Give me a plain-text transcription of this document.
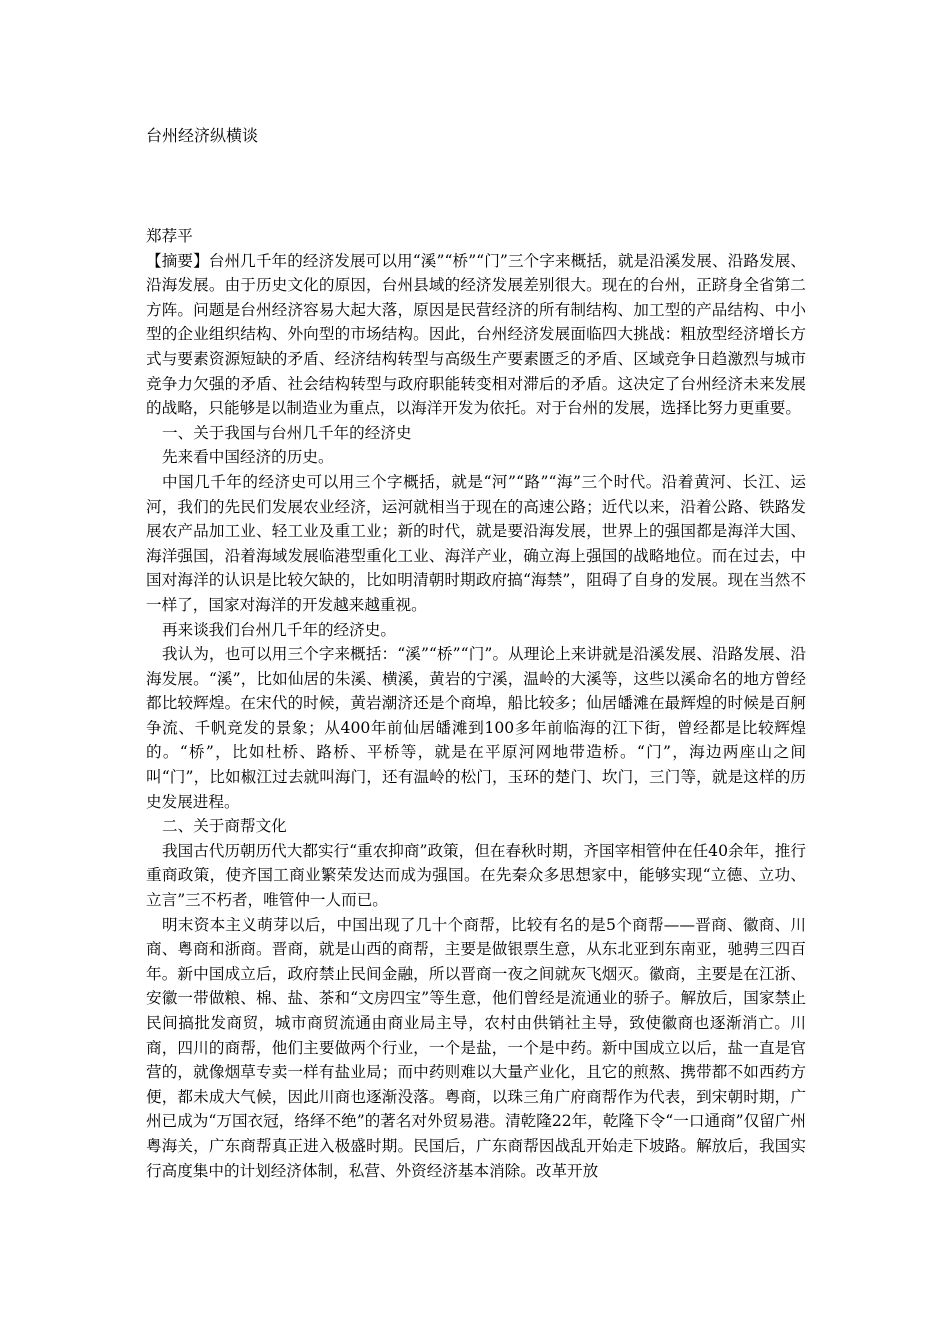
台州经济纵横谈

郑荐平

【摘要】台州几千年的经济发展可以用“溪”“桥”“门”三个字来概括，就是沿溪发展、沿路发展、沿海发展。由于历史文化的原因，台州县域的经济发展差别很大。现在的台州，正跻身全省第二方阵。问题是台州经济容易大起大落，原因是民营经济的所有制结构、加工型的产品结构、中小型的企业组织结构、外向型的市场结构。因此，台州经济发展面临四大挑战：粗放型经济增长方式与要素资源短缺的矛盾、经济结构转型与高级生产要素匮乏的矛盾、区域竞争日趋激烈与城市竞争力欠强的矛盾、社会结构转型与政府职能转变相对滞后的矛盾。这决定了台州经济未来发展的战略，只能够是以制造业为重点，以海洋开发为依托。对于台州的发展，选择比努力更重要。

一、关于我国与台州几千年的经济史

先来看中国经济的历史。

中国几千年的经济史可以用三个字概括，就是“河”“路”“海”三个时代。沿着黄河、长江、运河，我们的先民们发展农业经济，运河就相当于现在的高速公路；近代以来，沿着公路、铁路发展农产品加工业、轻工业及重工业；新的时代，就是要沿海发展，世界上的强国都是海洋大国、海洋强国，沿着海域发展临港型重化工业、海洋产业，确立海上强国的战略地位。而在过去，中国对海洋的认识是比较欠缺的，比如明清朝时期政府搞“海禁”，阻碍了自身的发展。现在当然不一样了，国家对海洋的开发越来越重视。

再来谈我们台州几千年的经济史。

我认为，也可以用三个字来概括：“溪”“桥”“门”。从理论上来讲就是沿溪发展、沿路发展、沿海发展。“溪”，比如仙居的朱溪、横溪，黄岩的宁溪，温岭的大溪等，这些以溪命名的地方曾经都比较辉煌。在宋代的时候，黄岩潮济还是个商埠，船比较多；仙居皤滩在最辉煌的时候是百舸争流、千帆竞发的景象；从400年前仙居皤滩到100多年前临海的江下街，曾经都是比较辉煌的。“桥”，比如杜桥、路桥、平桥等，就是在平原河网地带造桥。“门”，海边两座山之间叫“门”，比如椒江过去就叫海门，还有温岭的松门，玉环的楚门、坎门，三门等，就是这样的历史发展进程。

二、关于商帮文化

我国古代历朝历代大都实行“重农抑商”政策，但在春秋时期，齐国宰相管仲在任40余年，推行重商政策，使齐国工商业繁荣发达而成为强国。在先秦众多思想家中，能够实现“立德、立功、立言”三不朽者，唯管仲一人而已。

明末资本主义萌芽以后，中国出现了几十个商帮，比较有名的是5个商帮——晋商、徽商、川商、粤商和浙商。晋商，就是山西的商帮，主要是做银票生意，从东北亚到东南亚，驰骋三四百年。新中国成立后，政府禁止民间金融，所以晋商一夜之间就灰飞烟灭。徽商，主要是在江浙、安徽一带做粮、棉、盐、茶和“文房四宝”等生意，他们曾经是流通业的骄子。解放后，国家禁止民间搞批发商贸，城市商贸流通由商业局主导，农村由供销社主导，致使徽商也逐渐消亡。川商，四川的商帮，他们主要做两个行业，一个是盐，一个是中药。新中国成立以后，盐一直是官营的，就像烟草专卖一样有盐业局；而中药则难以大量产业化，且它的煎熬、携带都不如西药方便，都未成大气候，因此川商也逐渐没落。粤商，以珠三角广府商帮作为代表，到宋朝时期，广州已成为“万国衣冠，络绎不绝”的著名对外贸易港。清乾隆22年，乾隆下令“一口通商”仅留广州粤海关，广东商帮真正进入极盛时期。民国后，广东商帮因战乱开始走下坡路。解放后，我国实行高度集中的计划经济体制，私营、外资经济基本消除。改革开放
